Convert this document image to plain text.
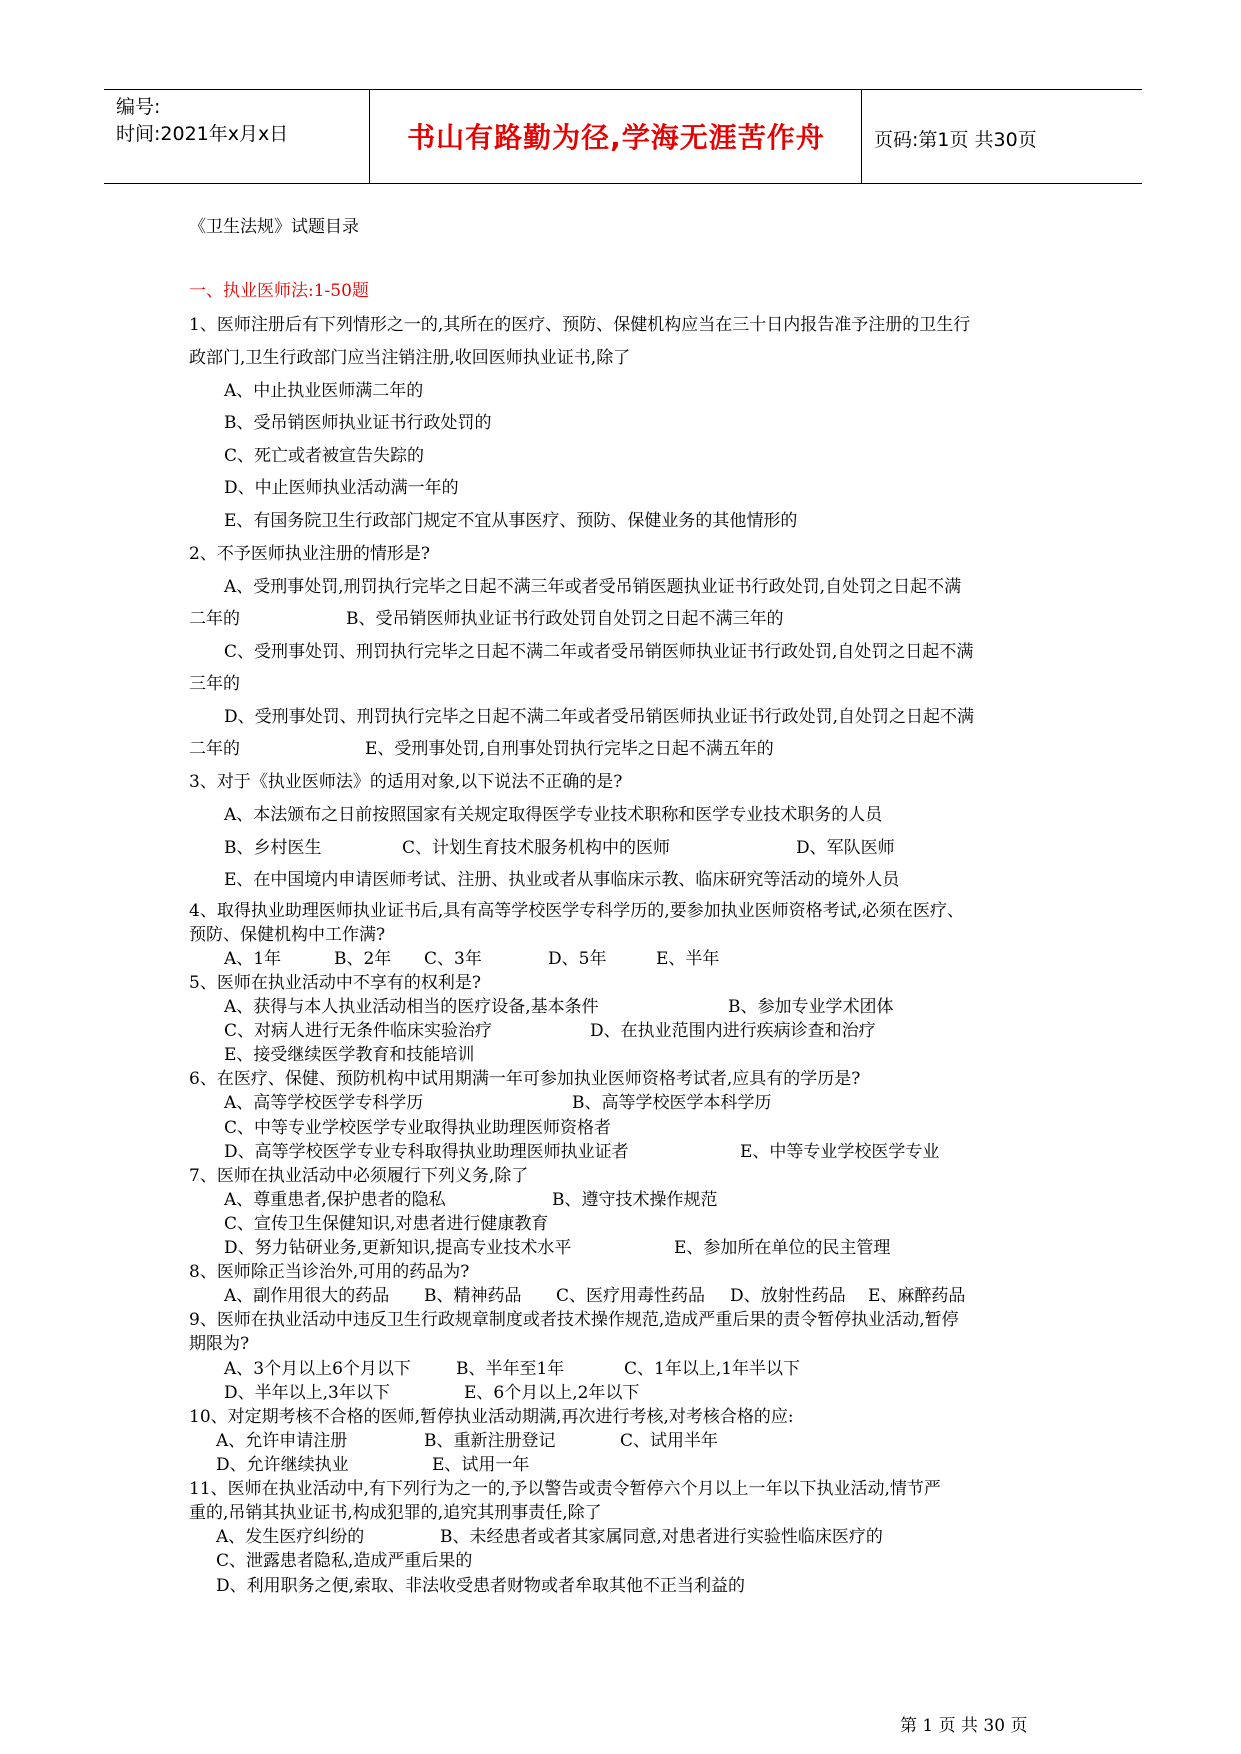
编号:
时间:2021年x月x日	书山有路勤为径,学海无涯苦作舟	页码:第1页 共30页
《卫生法规》试题目录
一、执业医师法:1-50题
1、医师注册后有下列情形之一的,其所在的医疗、预防、保健机构应当在三十日内报告准予注册的卫生行
政部门,卫生行政部门应当注销注册,收回医师执业证书,除了
A、中止执业医师满二年的
B、受吊销医师执业证书行政处罚的
C、死亡或者被宣告失踪的
D、中止医师执业活动满一年的
E、有国务院卫生行政部门规定不宜从事医疗、预防、保健业务的其他情形的
2、不予医师执业注册的情形是?
A、受刑事处罚,刑罚执行完毕之日起不满三年或者受吊销医题执业证书行政处罚,自处罚之日起不满
二年的	B、受吊销医师执业证书行政处罚自处罚之日起不满三年的
C、受刑事处罚、刑罚执行完毕之日起不满二年或者受吊销医师执业证书行政处罚,自处罚之日起不满
三年的
D、受刑事处罚、刑罚执行完毕之日起不满二年或者受吊销医师执业证书行政处罚,自处罚之日起不满
二年的	E、受刑事处罚,自刑事处罚执行完毕之日起不满五年的
3、对于《执业医师法》的适用对象,以下说法不正确的是?
A、本法颁布之日前按照国家有关规定取得医学专业技术职称和医学专业技术职务的人员
B、乡村医生	C、计划生育技术服务机构中的医师	D、军队医师
E、在中国境内申请医师考试、注册、执业或者从事临床示教、临床研究等活动的境外人员
4、取得执业助理医师执业证书后,具有高等学校医学专科学历的,要参加执业医师资格考试,必须在医疗、
预防、保健机构中工作满?
A、1年	B、2年 C、3年	D、5年	E、半年
5、医师在执业活动中不享有的权利是?
A、获得与本人执业活动相当的医疗设备,基本条件	B、参加专业学术团体
C、对病人进行无条件临床实验治疗	D、在执业范围内进行疾病诊查和治疗
E、接受继续医学教育和技能培训
6、在医疗、保健、预防机构中试用期满一年可参加执业医师资格考试者,应具有的学历是?
A、高等学校医学专科学历	B、高等学校医学本科学历
C、中等专业学校医学专业取得执业助理医师资格者
D、高等学校医学专业专科取得执业助理医师执业证者	E、中等专业学校医学专业
7、医师在执业活动中必须履行下列义务,除了
A、尊重患者,保护患者的隐私	B、遵守技术操作规范
C、宣传卫生保健知识,对患者进行健康教育
D、努力钻研业务,更新知识,提高专业技术水平	E、参加所在单位的民主管理
8、医师除正当诊治外,可用的药品为?
A、副作用很大的药品 B、精神药品 C、医疗用毒性药品 D、放射性药品 E、麻醉药品
9、医师在执业活动中违反卫生行政规章制度或者技术操作规范,造成严重后果的责令暂停执业活动,暂停
期限为?
A、3个月以上6个月以下	B、半年至1年	C、1年以上,1年半以下
D、半年以上,3年以下	E、6个月以上,2年以下
10、对定期考核不合格的医师,暂停执业活动期满,再次进行考核,对考核合格的应:
A、允许申请注册	B、重新注册登记	C、试用半年
D、允许继续执业	E、试用一年
11、医师在执业活动中,有下列行为之一的,予以警告或责令暂停六个月以上一年以下执业活动,情节严
重的,吊销其执业证书,构成犯罪的,追究其刑事责任,除了
A、发生医疗纠纷的	B、未经患者或者其家属同意,对患者进行实验性临床医疗的
C、泄露患者隐私,造成严重后果的
D、利用职务之便,索取、非法收受患者财物或者牟取其他不正当利益的
第 1 页 共 30 页
